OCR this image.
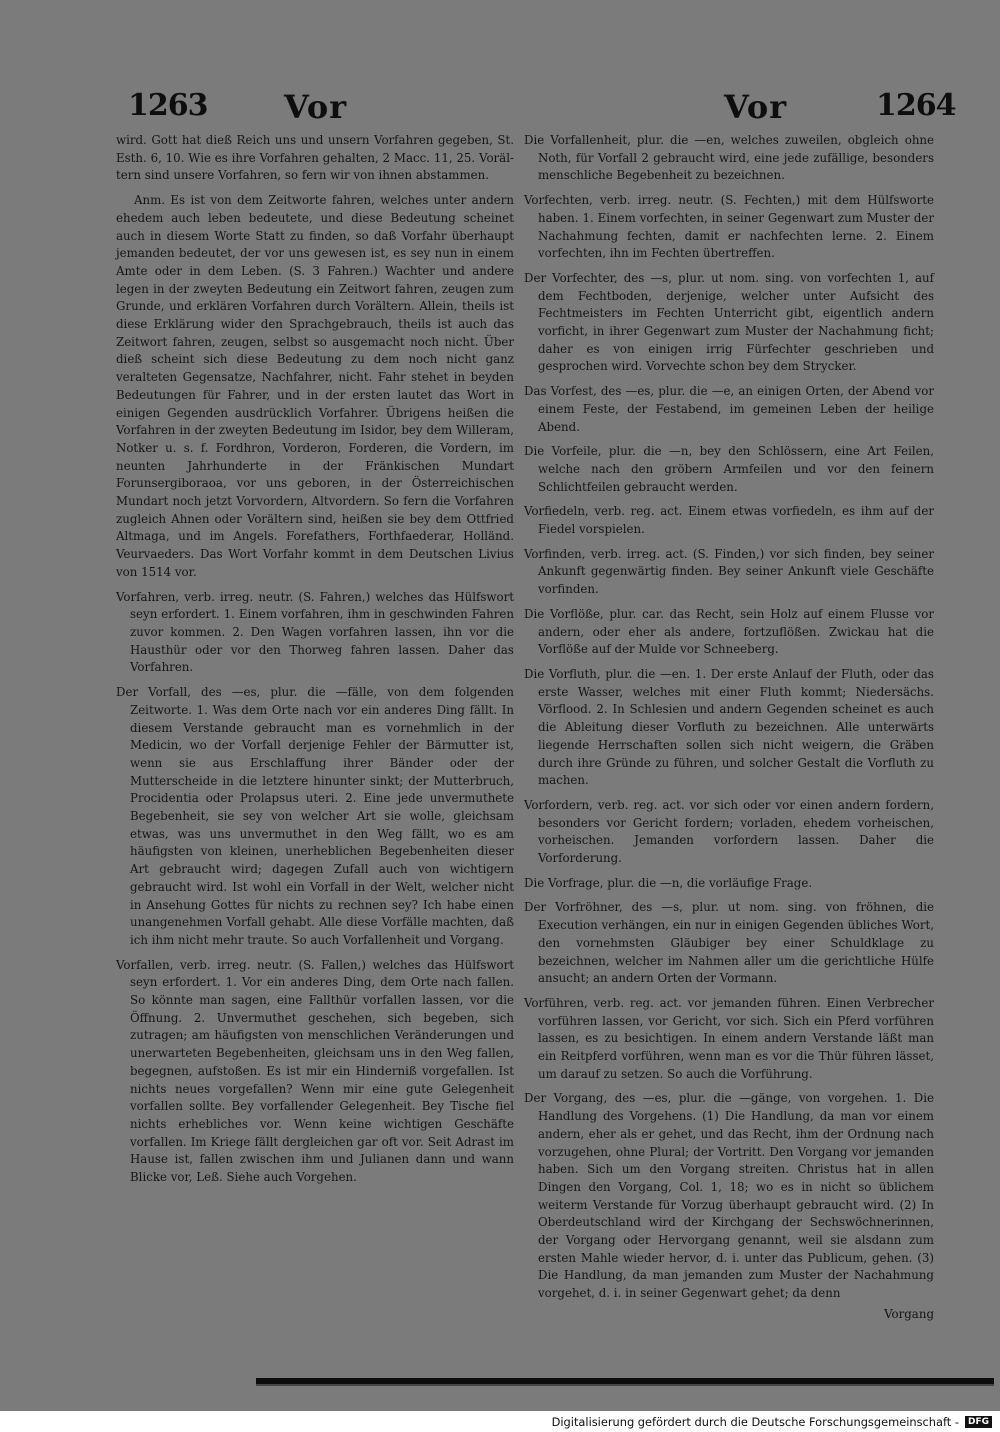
1263 Vor	Vor	1264

wird. Gott hat dieß Reich uns und unsern Vorfahren gegeben, St. Esth. 6, 10. Wie es ihre Vorfahren gehalten, 2 Macc. 11, 25. Vorältern sind unsere Vorfahren, so fern wir von ihnen abstammen.

Anm. Es ist von dem Zeitworte fahren, welches unter andern ehedem auch leben bedeutete, und diese Bedeutung scheinet auch in diesem Worte Statt zu finden, so daß Vorfahr überhaupt jemanden bedeutet, der vor uns gewesen ist, es sey nun in einem Amte oder in dem Leben. (S. 3 Fahren.) Wachter und andere legen in der zweyten Bedeutung ein Zeitwort fahren, zeugen zum Grunde, und erklären Vorfahren durch Vorältern. Allein, theils ist diese Erklärung wider den Sprachgebrauch, theils ist auch das Zeitwort fahren, zeugen, selbst so ausgemacht noch nicht. Über dieß scheint sich diese Bedeutung zu dem noch nicht ganz veralteten Gegensatze, Nachfahrer, nicht. Fahr stehet in beyden Bedeutungen für Fahrer, und in der ersten lautet das Wort in einigen Gegenden ausdrücklich Vorfahrer. Übrigens heißen die Vorfahren in der zweyten Bedeutung im Isidor, bey dem Willeram, Notker u. s. f. Fordhron, Vorderon, Forderen, die Vordern, im neunten Jahrhunderte in der Fränkischen Mundart Forunsergiboraoa, vor uns geboren, in der Österreichischen Mundart noch jetzt Vorvordern, Altvordern. So fern die Vorfahren zugleich Ahnen oder Vorältern sind, heißen sie bey dem Ottfried Altmaga, und im Angels. Forefathers, Forthfaederar, Holländ. Veurvaeders. Das Wort Vorfahr kommt in dem Deutschen Livius von 1514 vor.

Vorfahren, verb. irreg. neutr. (S. Fahren,) welches das Hülfswort seyn erfordert. 1. Einem vorfahren, ihm in geschwinden Fahren zuvor kommen. 2. Den Wagen vorfahren lassen, ihn vor die Hausthür oder vor den Thorweg fahren lassen. Daher das Vorfahren.

Der Vorfall, des —es, plur. die —fälle, von dem folgenden Zeitworte. 1. Was dem Orte nach vor ein anderes Ding fällt. In diesem Verstande gebraucht man es vornehmlich in der Medicin, wo der Vorfall derjenige Fehler der Bärmutter ist, wenn sie aus Erschlaffung ihrer Bänder oder der Mutterscheide in die letztere hinunter sinkt; der Mutterbruch, Procidentia oder Prolapsus uteri. 2. Eine jede unvermuthete Begebenheit, sie sey von welcher Art sie wolle, gleichsam etwas, was uns unvermuthet in den Weg fällt, wo es am häufigsten von kleinen, unerheblichen Begebenheiten dieser Art gebraucht wird; dagegen Zufall auch von wichtigern gebraucht wird. Ist wohl ein Vorfall in der Welt, welcher nicht in Ansehung Gottes für nichts zu rechnen sey? Ich habe einen unangenehmen Vorfall gehabt. Alle diese Vorfälle machten, daß ich ihm nicht mehr traute. So auch Vorfallenheit und Vorgang.

Vorfallen, verb. irreg. neutr. (S. Fallen,) welches das Hülfswort seyn erfordert. 1. Vor ein anderes Ding, dem Orte nach fallen. So könnte man sagen, eine Fallthür vorfallen lassen, vor die Öffnung. 2. Unvermuthet geschehen, sich begeben, sich zutragen; am häufigsten von menschlichen Veränderungen und unerwarteten Begebenheiten, gleichsam uns in den Weg fallen, begegnen, aufstoßen. Es ist mir ein Hinderniß vorgefallen. Ist nichts neues vorgefallen? Wenn mir eine gute Gelegenheit vorfallen sollte. Bey vorfallender Gelegenheit. Bey Tische fiel nichts erhebliches vor. Wenn keine wichtigen Geschäfte vorfallen. Im Kriege fällt dergleichen gar oft vor. Seit Adrast im Hause ist, fallen zwischen ihm und Julianen dann und wann Blicke vor, Leß. Siehe auch Vorgehen.

Die Vorfallenheit, plur. die —en, welches zuweilen, obgleich ohne Noth, für Vorfall 2 gebraucht wird, eine jede zufällige, besonders menschliche Begebenheit zu bezeichnen.

Vorfechten, verb. irreg. neutr. (S. Fechten,) mit dem Hülfsworte haben. 1. Einem vorfechten, in seiner Gegenwart zum Muster der Nachahmung fechten, damit er nachfechten lerne. 2. Einem vorfechten, ihn im Fechten übertreffen.

Der Vorfechter, des —s, plur. ut nom. sing. von vorfechten 1, auf dem Fechtboden, derjenige, welcher unter Aufsicht des Fechtmeisters im Fechten Unterricht gibt, eigentlich andern vorficht, in ihrer Gegenwart zum Muster der Nachahmung ficht; daher es von einigen irrig Fürfechter geschrieben und gesprochen wird. Vorvechte schon bey dem Strycker.

Das Vorfest, des —es, plur. die —e, an einigen Orten, der Abend vor einem Feste, der Festabend, im gemeinen Leben der heilige Abend.

Die Vorfeile, plur. die —n, bey den Schlössern, eine Art Feilen, welche nach den gröbern Armfeilen und vor den feinern Schlichtfeilen gebraucht werden.

Vorfiedeln, verb. reg. act. Einem etwas vorfiedeln, es ihm auf der Fiedel vorspielen.

Vorfinden, verb. irreg. act. (S. Finden,) vor sich finden, bey seiner Ankunft gegenwärtig finden. Bey seiner Ankunft viele Geschäfte vorfinden.

Die Vorflöße, plur. car. das Recht, sein Holz auf einem Flusse vor andern, oder eher als andere, fortzuflößen. Zwickau hat die Vorflöße auf der Mulde vor Schneeberg.

Die Vorfluth, plur. die —en. 1. Der erste Anlauf der Fluth, oder das erste Wasser, welches mit einer Fluth kommt; Niedersächs. Vörflood. 2. In Schlesien und andern Gegenden scheinet es auch die Ableitung dieser Vorfluth zu bezeichnen. Alle unterwärts liegende Herrschaften sollen sich nicht weigern, die Gräben durch ihre Gründe zu führen, und solcher Gestalt die Vorfluth zu machen.

Vorfordern, verb. reg. act. vor sich oder vor einen andern fordern, besonders vor Gericht fordern; vorladen, ehedem vorheischen, vorheischen. Jemanden vorfordern lassen. Daher die Vorforderung.

Die Vorfrage, plur. die —n, die vorläufige Frage.

Der Vorfröhner, des —s, plur. ut nom. sing. von fröhnen, die Execution verhängen, ein nur in einigen Gegenden übliches Wort, den vornehmsten Gläubiger bey einer Schuldklage zu bezeichnen, welcher im Nahmen aller um die gerichtliche Hülfe ansucht; an andern Orten der Vormann.

Vorführen, verb. reg. act. vor jemanden führen. Einen Verbrecher vorführen lassen, vor Gericht, vor sich. Sich ein Pferd vorführen lassen, es zu besichtigen. In einem andern Verstande läßt man ein Reitpferd vorführen, wenn man es vor die Thür führen lässet, um darauf zu setzen. So auch die Vorführung.

Der Vorgang, des —es, plur. die —gänge, von vorgehen. 1. Die Handlung des Vorgehens. (1) Die Handlung, da man vor einem andern, eher als er gehet, und das Recht, ihm der Ordnung nach vorzugehen, ohne Plural; der Vortritt. Den Vorgang vor jemanden haben. Sich um den Vorgang streiten. Christus hat in allen Dingen den Vorgang, Col. 1, 18; wo es in nicht so üblichem weiterm Verstande für Vorzug überhaupt gebraucht wird. (2) In Oberdeutschland wird der Kirchgang der Sechswöchnerinnen, der Vorgang oder Hervorgang genannt, weil sie alsdann zum ersten Mahle wieder hervor, d. i. unter das Publicum, gehen. (3) Die Handlung, da man jemanden zum Muster der Nachahmung vorgehet, d. i. in seiner Gegenwart gehet; da denn

Vorgang
Digitalisierung gefördert durch die Deutsche Forschungsgemeinschaft -	DFG
